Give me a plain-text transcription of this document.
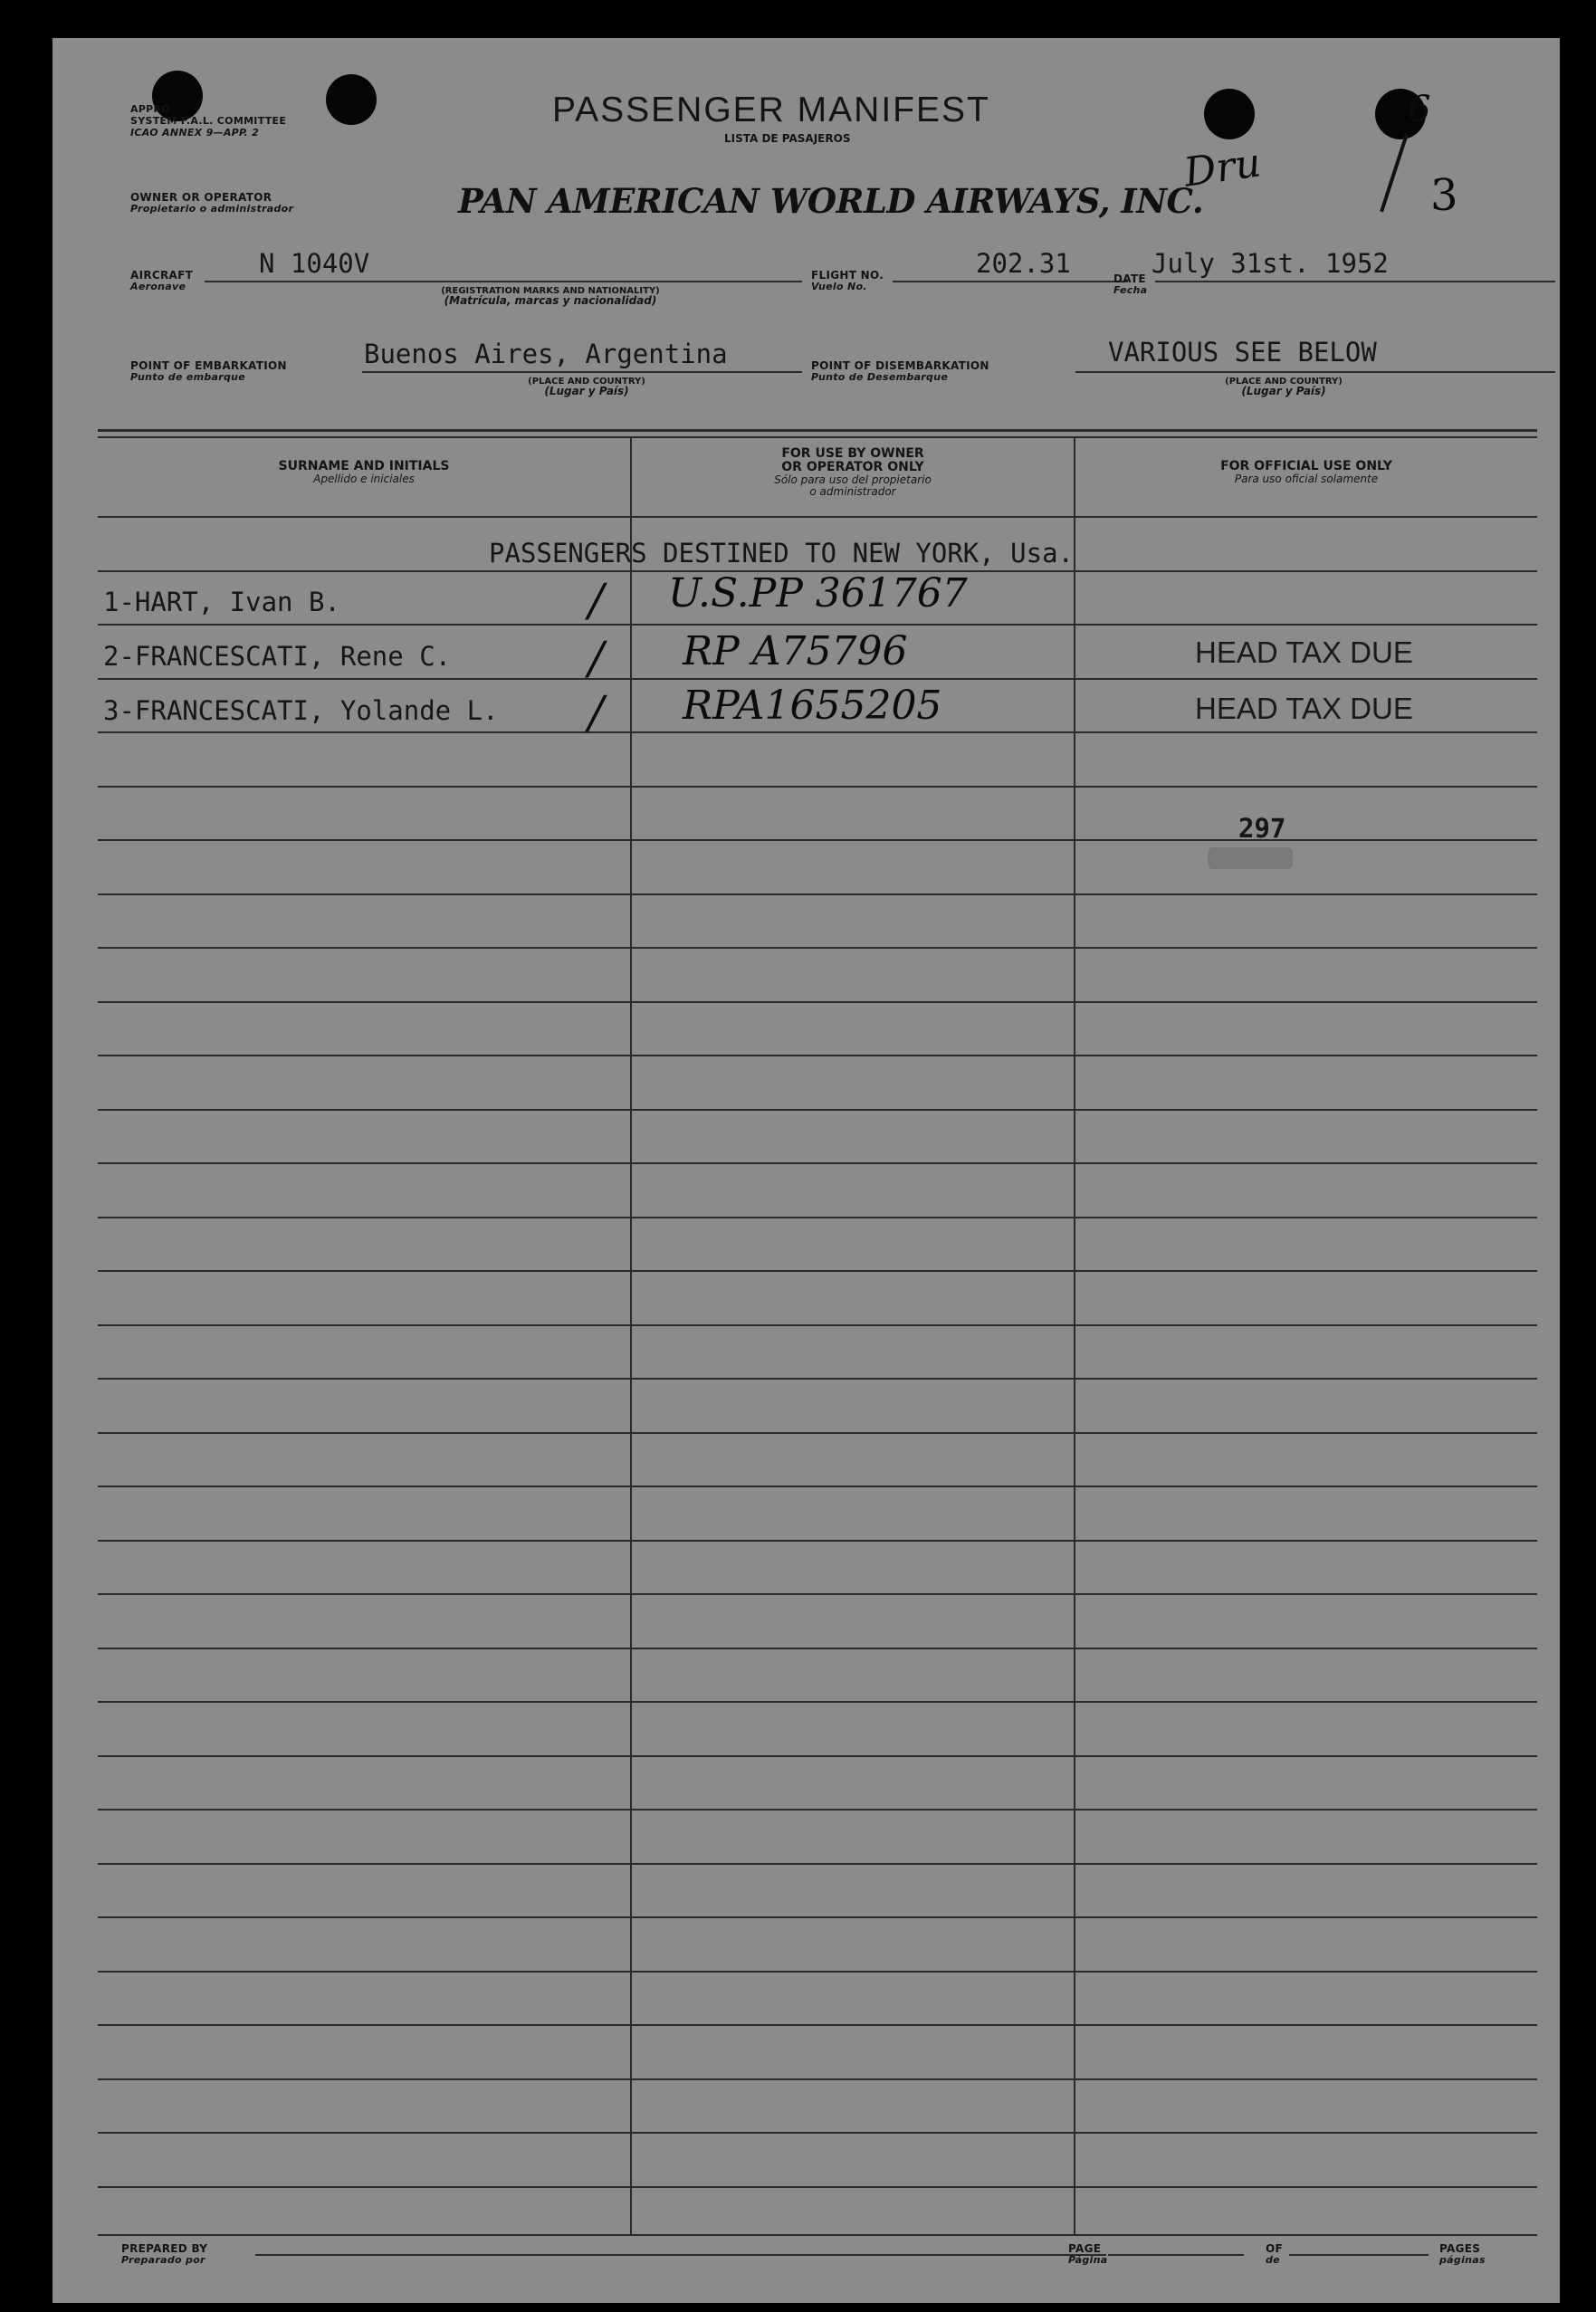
APPRO
SYSTEM F.A.L. COMMITTEE
ICAO ANNEX 9—APP. 2
PASSENGER MANIFEST
LISTA DE PASAJEROS
Dru
6
3
OWNER OR OPERATOR
Propietario o administrador	PAN AMERICAN WORLD AIRWAYS, INC.
AIRCRAFT
Aeronave
N 1040V
(REGISTRATION MARKS AND NATIONALITY)
(Matrícula, marcas y nacionalidad)
FLIGHT NO.
Vuelo No.
202.31	DATE
Fecha
July 31st. 1952
POINT OF EMBARKATION
Punto de embarque
Buenos Aires, Argentina
(PLACE AND COUNTRY)
(Lugar y País)
POINT OF DISEMBARKATION
Punto de Desembarque
VARIOUS SEE BELOW
(PLACE AND COUNTRY)
(Lugar y País)
SURNAME AND INITIALS
Apellido e iniciales
FOR USE BY OWNER
OR OPERATOR ONLY
Sólo para uso del propietario
o administrador
FOR OFFICIAL USE ONLY
Para uso oficial solamente
PASSENGERS DESTINED TO NEW YORK, Usa.
1-HART, Ivan B.	/ U.S.PP 361767
2-FRANCESCATI, Rene C.	/ RP A75796	HEAD TAX DUE
3-FRANCESCATI, Yolande L. / RPA1655205	HEAD TAX DUE
297
PREPARED BY
Preparado por
PAGE
Página
OF
de
PAGES
páginas
